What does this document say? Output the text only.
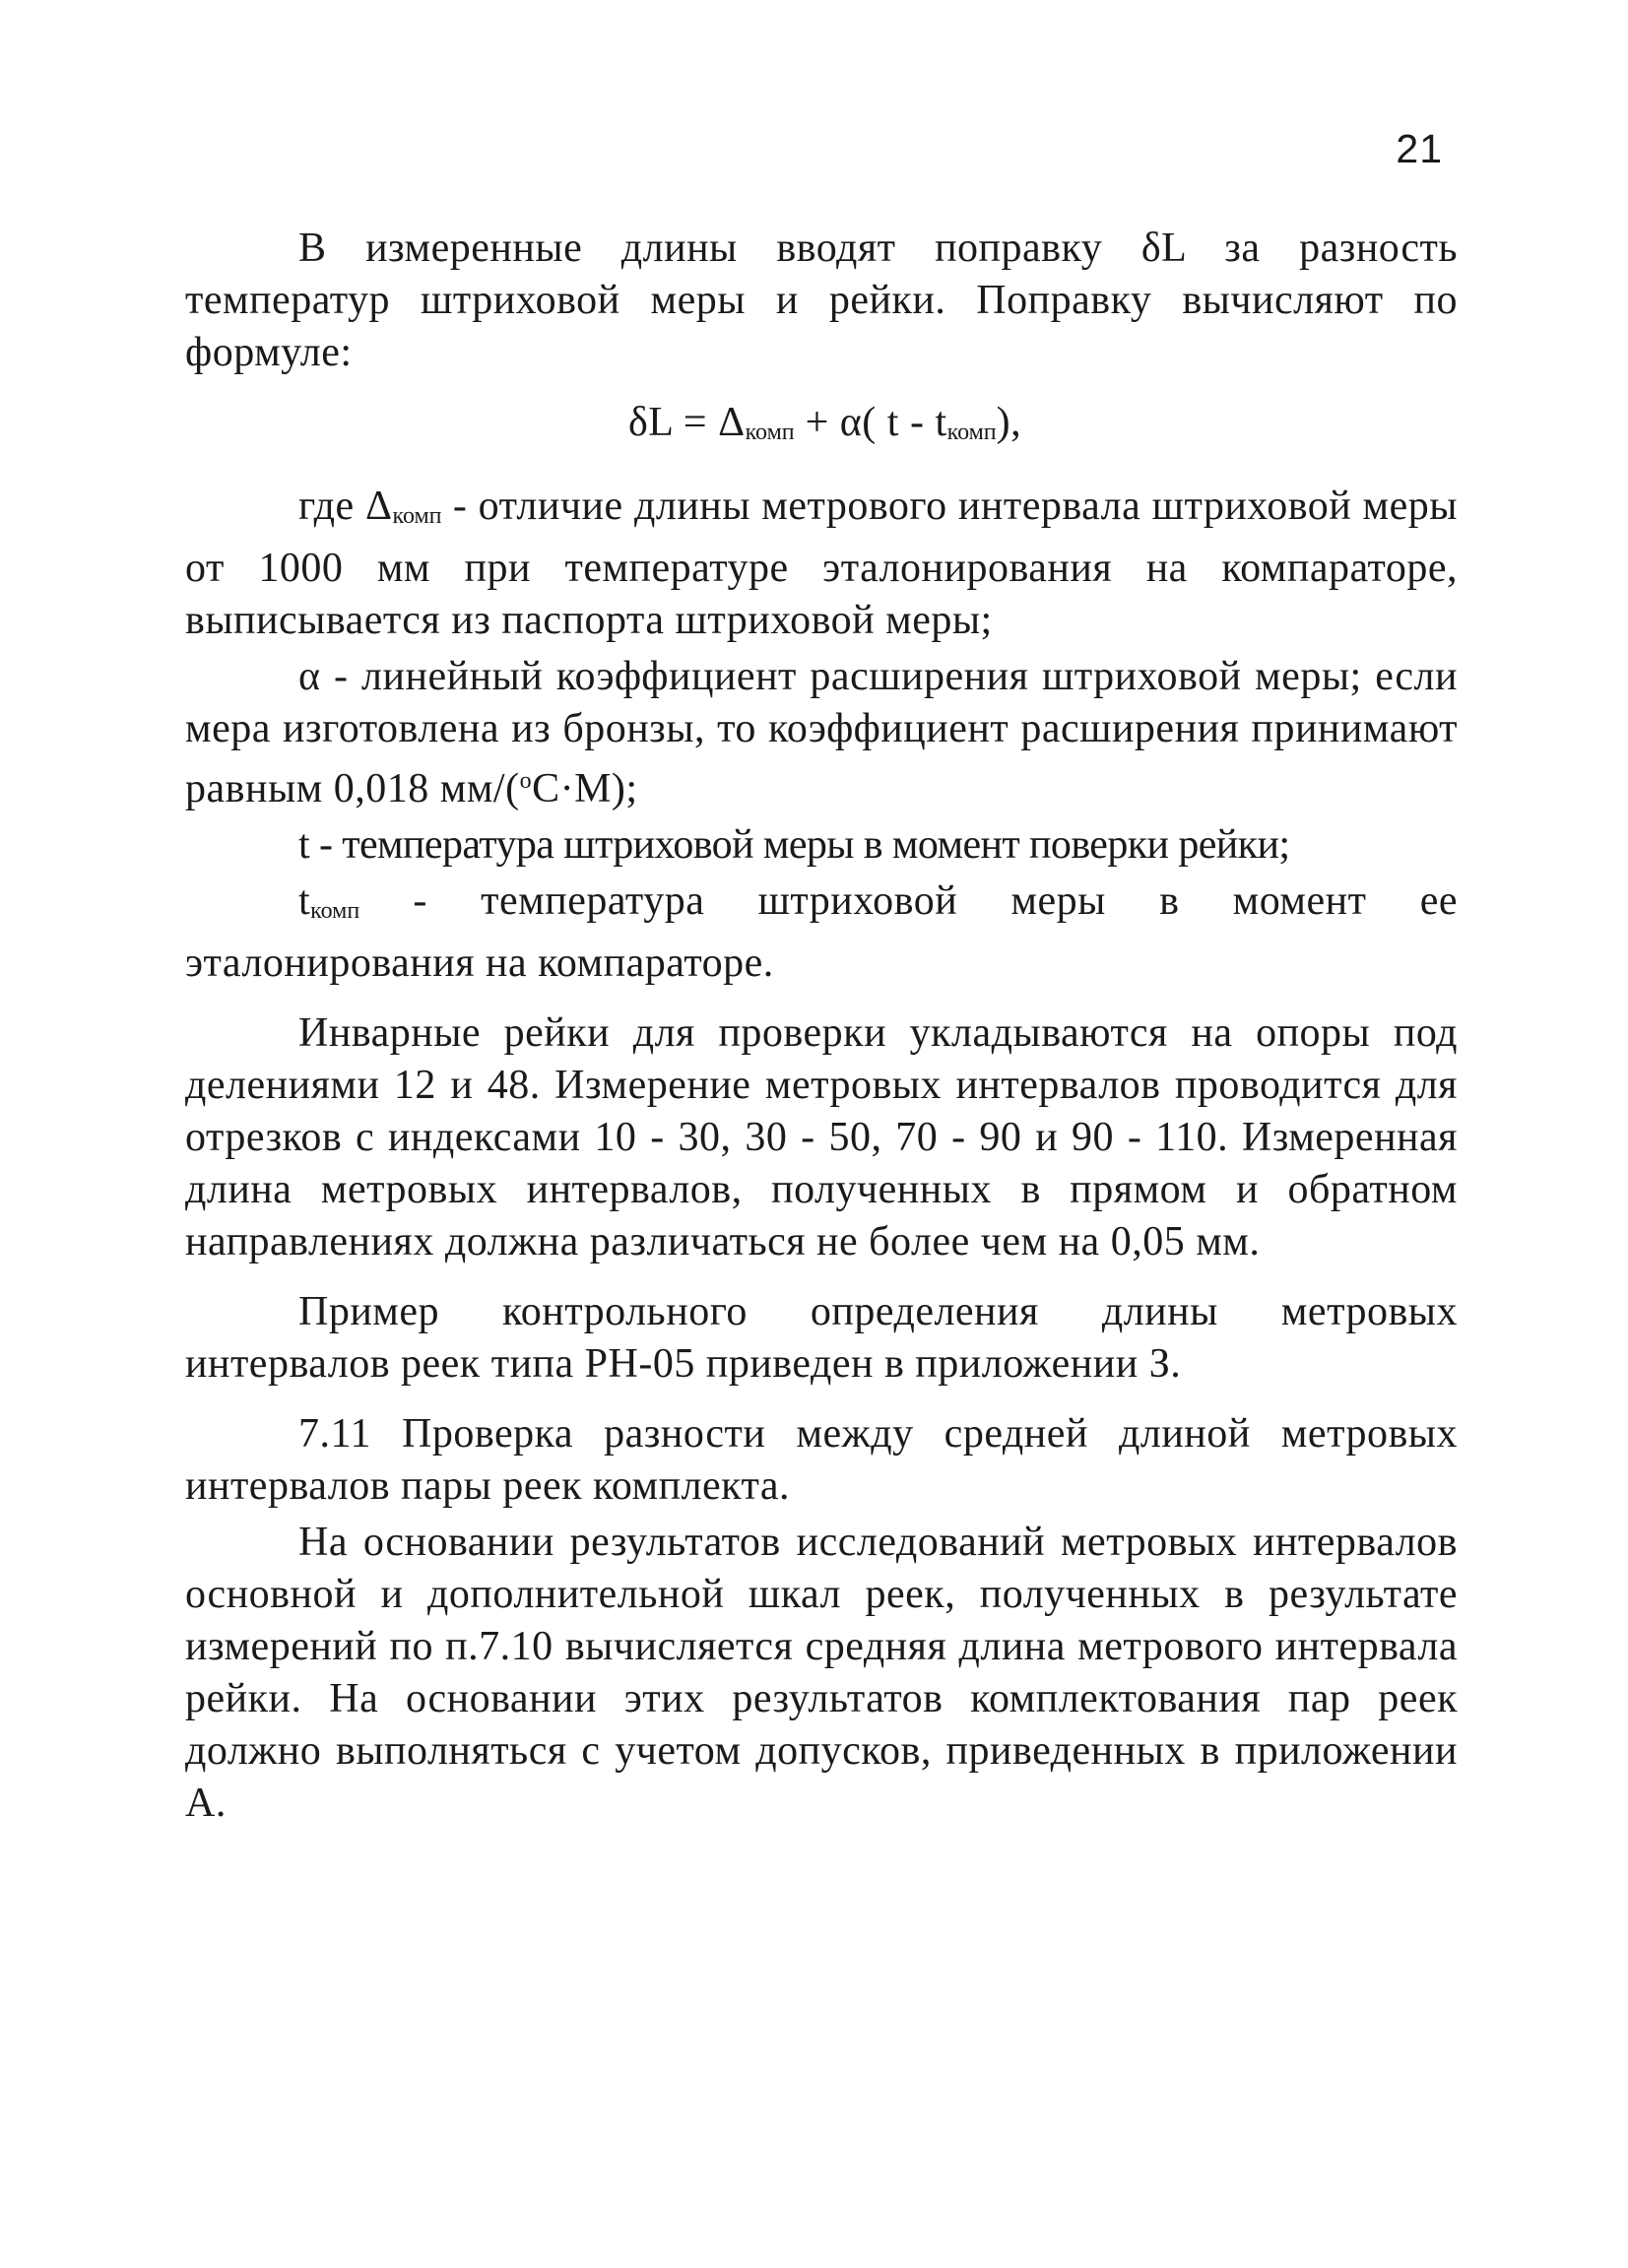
21

В измеренные длины вводят поправку δL за разность температур штриховой меры и рейки. Поправку вычисляют по формуле:

δL = Δкомп + α( t - tкомп),

где Δкомп - отличие длины метрового интервала штриховой меры от 1000 мм при температуре эталонирования на компараторе, выписывается из паспорта штриховой меры;

α - линейный коэффициент расширения штриховой меры; если мера изготовлена из бронзы, то коэффициент расширения принимают равным 0,018 мм/($^о$С·М);

t - температура штриховой меры в момент поверки рейки;

tкомп - температура штриховой меры в момент ее эталонирования на компараторе.

Инварные рейки для проверки укладываются на опоры под делениями 12 и 48. Измерение метровых интервалов проводится для отрезков с индексами 10 - 30, 30 - 50, 70 - 90 и 90 - 110. Измеренная длина метровых интервалов, полученных в прямом и обратном направлениях должна различаться не более чем на 0,05 мм.

Пример контрольного определения длины метровых интервалов реек типа РН-05 приведен в приложении З.

7.11 Проверка разности между средней длиной метровых интервалов пары реек комплекта.

На основании результатов исследований метровых интервалов основной и дополнительной шкал реек, полученных в результате измерений по п.7.10 вычисляется средняя длина метрового интервала рейки. На основании этих результатов комплектования пар реек должно выполняться с учетом допусков, приведенных в приложении А.
